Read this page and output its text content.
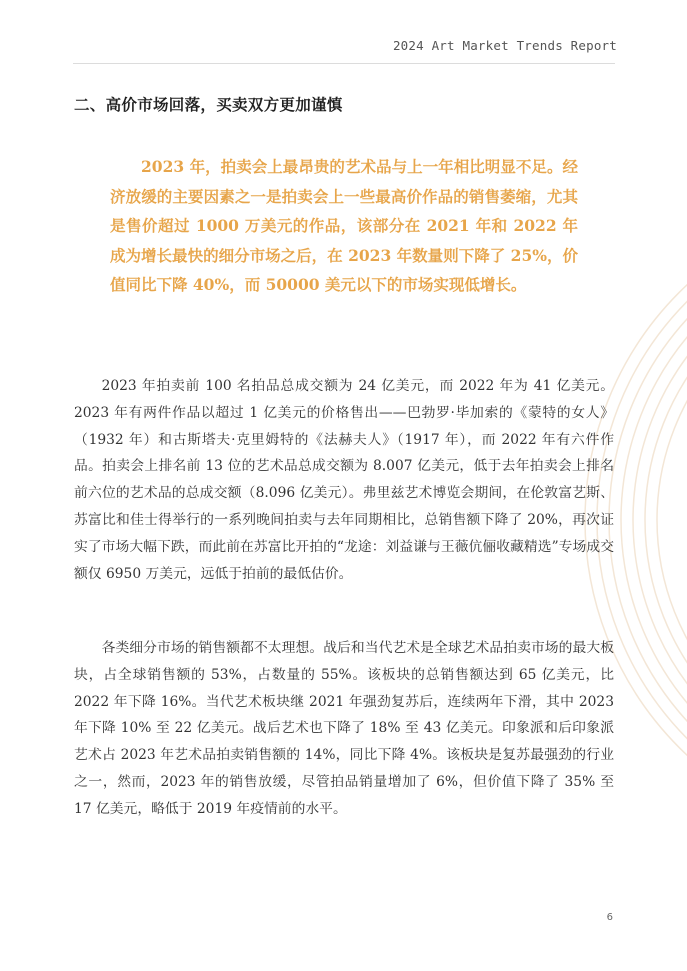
2024 Art Market Trends Report
二、高价市场回落，买卖双方更加谨慎

2023 年，拍卖会上最昂贵的艺术品与上一年相比明显不足。经济放缓的主要因素之一是拍卖会上一些最高价作品的销售萎缩，尤其是售价超过 1000 万美元的作品，该部分在 2021 年和 2022 年成为增长最快的细分市场之后，在 2023 年数量则下降了 25%，价值同比下降 40%，而 50000 美元以下的市场实现低增长。

2023 年拍卖前 100 名拍品总成交额为 24 亿美元，而 2022 年为 41 亿美元。2023 年有两件作品以超过 1 亿美元的价格售出——巴勃罗·毕加索的《蒙特的女人》（1932 年）和古斯塔夫·克里姆特的《法赫夫人》（1917 年），而 2022 年有六件作品。拍卖会上排名前 13 位的艺术品总成交额为 8.007 亿美元，低于去年拍卖会上排名前六位的艺术品的总成交额（8.096 亿美元）。弗里兹艺术博览会期间，在伦敦富艺斯、苏富比和佳士得举行的一系列晚间拍卖与去年同期相比，总销售额下降了 20%，再次证实了市场大幅下跌，而此前在苏富比开拍的“龙途：刘益谦与王薇伉俪收藏精选”专场成交额仅 6950 万美元，远低于拍前的最低估价。

各类细分市场的销售额都不太理想。战后和当代艺术是全球艺术品拍卖市场的最大板块，占全球销售额的 53%，占数量的 55%。该板块的总销售额达到 65 亿美元，比 2022 年下降 16%。当代艺术板块继 2021 年强劲复苏后，连续两年下滑，其中 2023 年下降 10% 至 22 亿美元。战后艺术也下降了 18% 至 43 亿美元。印象派和后印象派艺术占 2023 年艺术品拍卖销售额的 14%，同比下降 4%。该板块是复苏最强劲的行业之一，然而，2023 年的销售放缓，尽管拍品销量增加了 6%，但价值下降了 35% 至 17 亿美元，略低于 2019 年疫情前的水平。

6
